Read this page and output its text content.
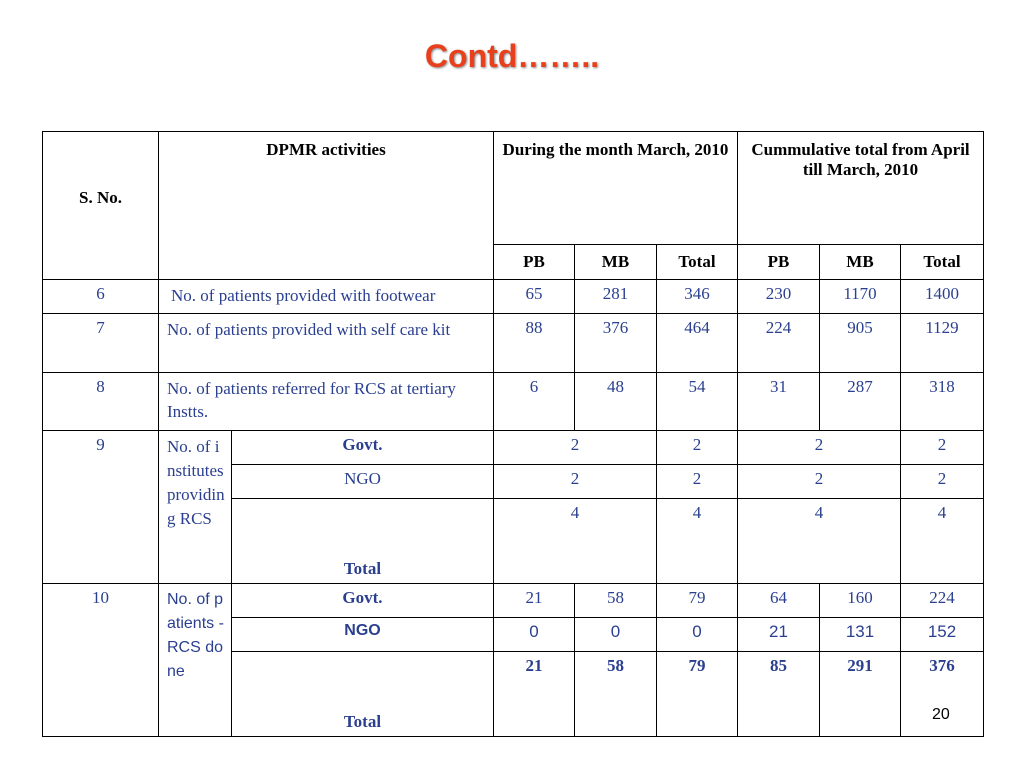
Contd……..
S. No.	DPMR activities		During the month March, 2010			Cummulative total from April till March, 2010		
			PB	MB	Total	PB	MB	Total
6	No. of patients provided with footwear		65	281	346	230	1170	1400
7	No. of patients provided with self care kit		88	376	464	224	905	1129
8	No. of patients referred for RCS at tertiary Instts.		6	48	54	31	287	318
9	No. of institutes providing RCS	Govt.	2		2	2		2
		NGO	2		2	2		2
		Total	4		4	4		4
10	No. of patients - RCS done	Govt.	21	58	79	64	160	224
		NGO	0	0	0	21	131	152
		Total	21	58	79	85	291	376
20
